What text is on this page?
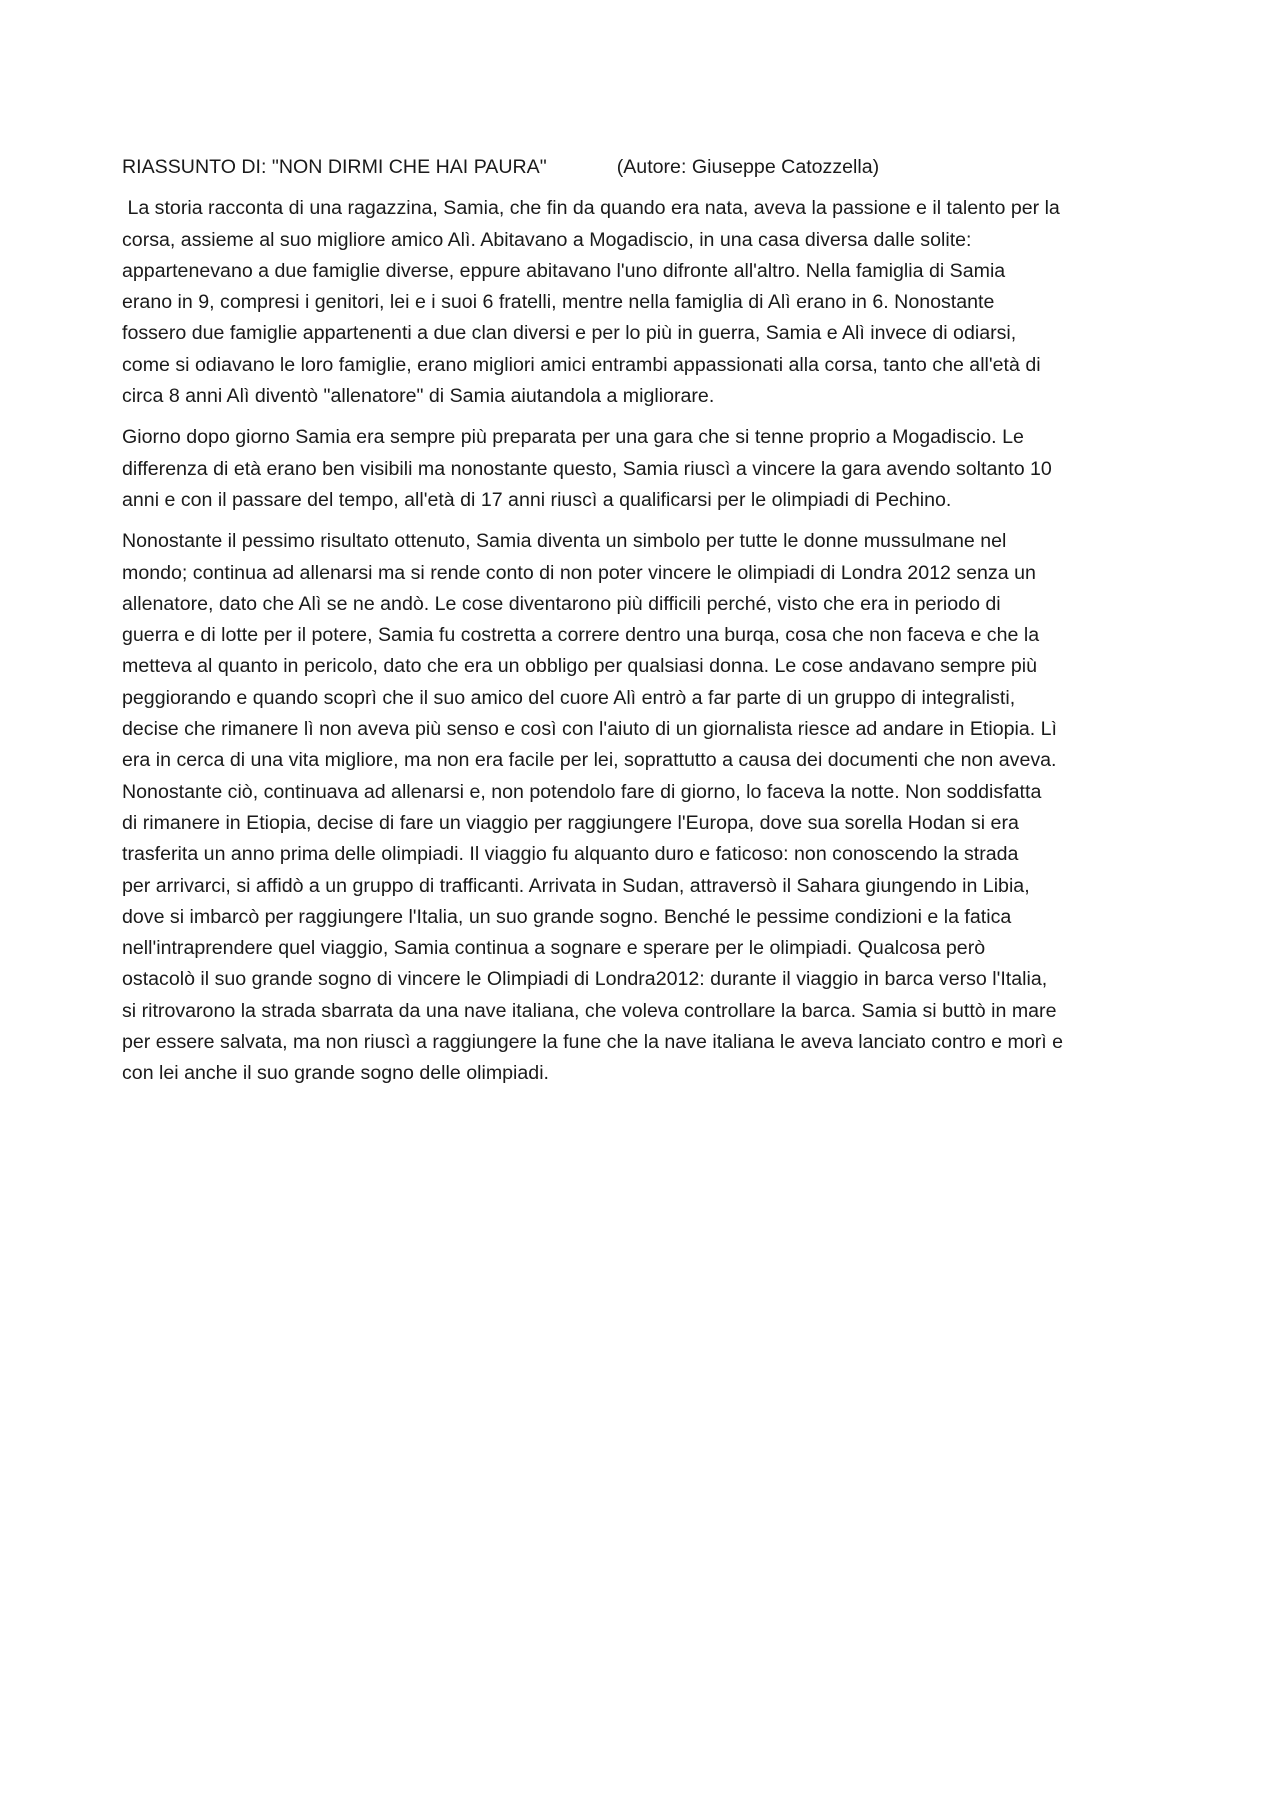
RIASSUNTO DI: "NON DIRMI CHE HAI PAURA"	(Autore: Giuseppe Catozzella)
La storia racconta di una ragazzina, Samia, che fin da quando era nata, aveva la passione e il talento per la
corsa, assieme al suo migliore amico Alì. Abitavano a Mogadiscio, in una casa diversa dalle solite:
appartenevano a due famiglie diverse, eppure abitavano l'uno difronte all'altro. Nella famiglia di Samia
erano in 9, compresi i genitori, lei e i suoi 6 fratelli, mentre nella famiglia di Alì erano in 6. Nonostante
fossero due famiglie appartenenti a due clan diversi e per lo più in guerra, Samia e Alì invece di odiarsi,
come si odiavano le loro famiglie, erano migliori amici entrambi appassionati alla corsa, tanto che all'età di
circa 8 anni Alì diventò "allenatore" di Samia aiutandola a migliorare.
Giorno dopo giorno Samia era sempre più preparata per una gara che si tenne proprio a Mogadiscio. Le
differenza di età erano ben visibili ma nonostante questo, Samia riuscì a vincere la gara avendo soltanto 10
anni e con il passare del tempo, all'età di 17 anni riuscì a qualificarsi per le olimpiadi di Pechino.
Nonostante il pessimo risultato ottenuto, Samia diventa un simbolo per tutte le donne mussulmane nel
mondo; continua ad allenarsi ma si rende conto di non poter vincere le olimpiadi di Londra 2012 senza un
allenatore, dato che Alì se ne andò. Le cose diventarono più difficili perché, visto che era in periodo di
guerra e di lotte per il potere, Samia fu costretta a correre dentro una burqa, cosa che non faceva e che la
metteva al quanto in pericolo, dato che era un obbligo per qualsiasi donna. Le cose andavano sempre più
peggiorando e quando scoprì che il suo amico del cuore Alì entrò a far parte di un gruppo di integralisti,
decise che rimanere lì non aveva più senso e così con l'aiuto di un giornalista riesce ad andare in Etiopia. Lì
era in cerca di una vita migliore, ma non era facile per lei, soprattutto a causa dei documenti che non aveva.
Nonostante ciò, continuava ad allenarsi e, non potendolo fare di giorno, lo faceva la notte. Non soddisfatta
di rimanere in Etiopia, decise di fare un viaggio per raggiungere l'Europa, dove sua sorella Hodan si era
trasferita un anno prima delle olimpiadi. Il viaggio fu alquanto duro e faticoso: non conoscendo la strada
per arrivarci, si affidò a un gruppo di trafficanti. Arrivata in Sudan, attraversò il Sahara giungendo in Libia,
dove si imbarcò per raggiungere l'Italia, un suo grande sogno. Benché le pessime condizioni e la fatica
nell'intraprendere quel viaggio, Samia continua a sognare e sperare per le olimpiadi. Qualcosa però
ostacolò il suo grande sogno di vincere le Olimpiadi di Londra2012: durante il viaggio in barca verso l'Italia,
si ritrovarono la strada sbarrata da una nave italiana, che voleva controllare la barca. Samia si buttò in mare
per essere salvata, ma non riuscì a raggiungere la fune che la nave italiana le aveva lanciato contro e morì e
con lei anche il suo grande sogno delle olimpiadi.
